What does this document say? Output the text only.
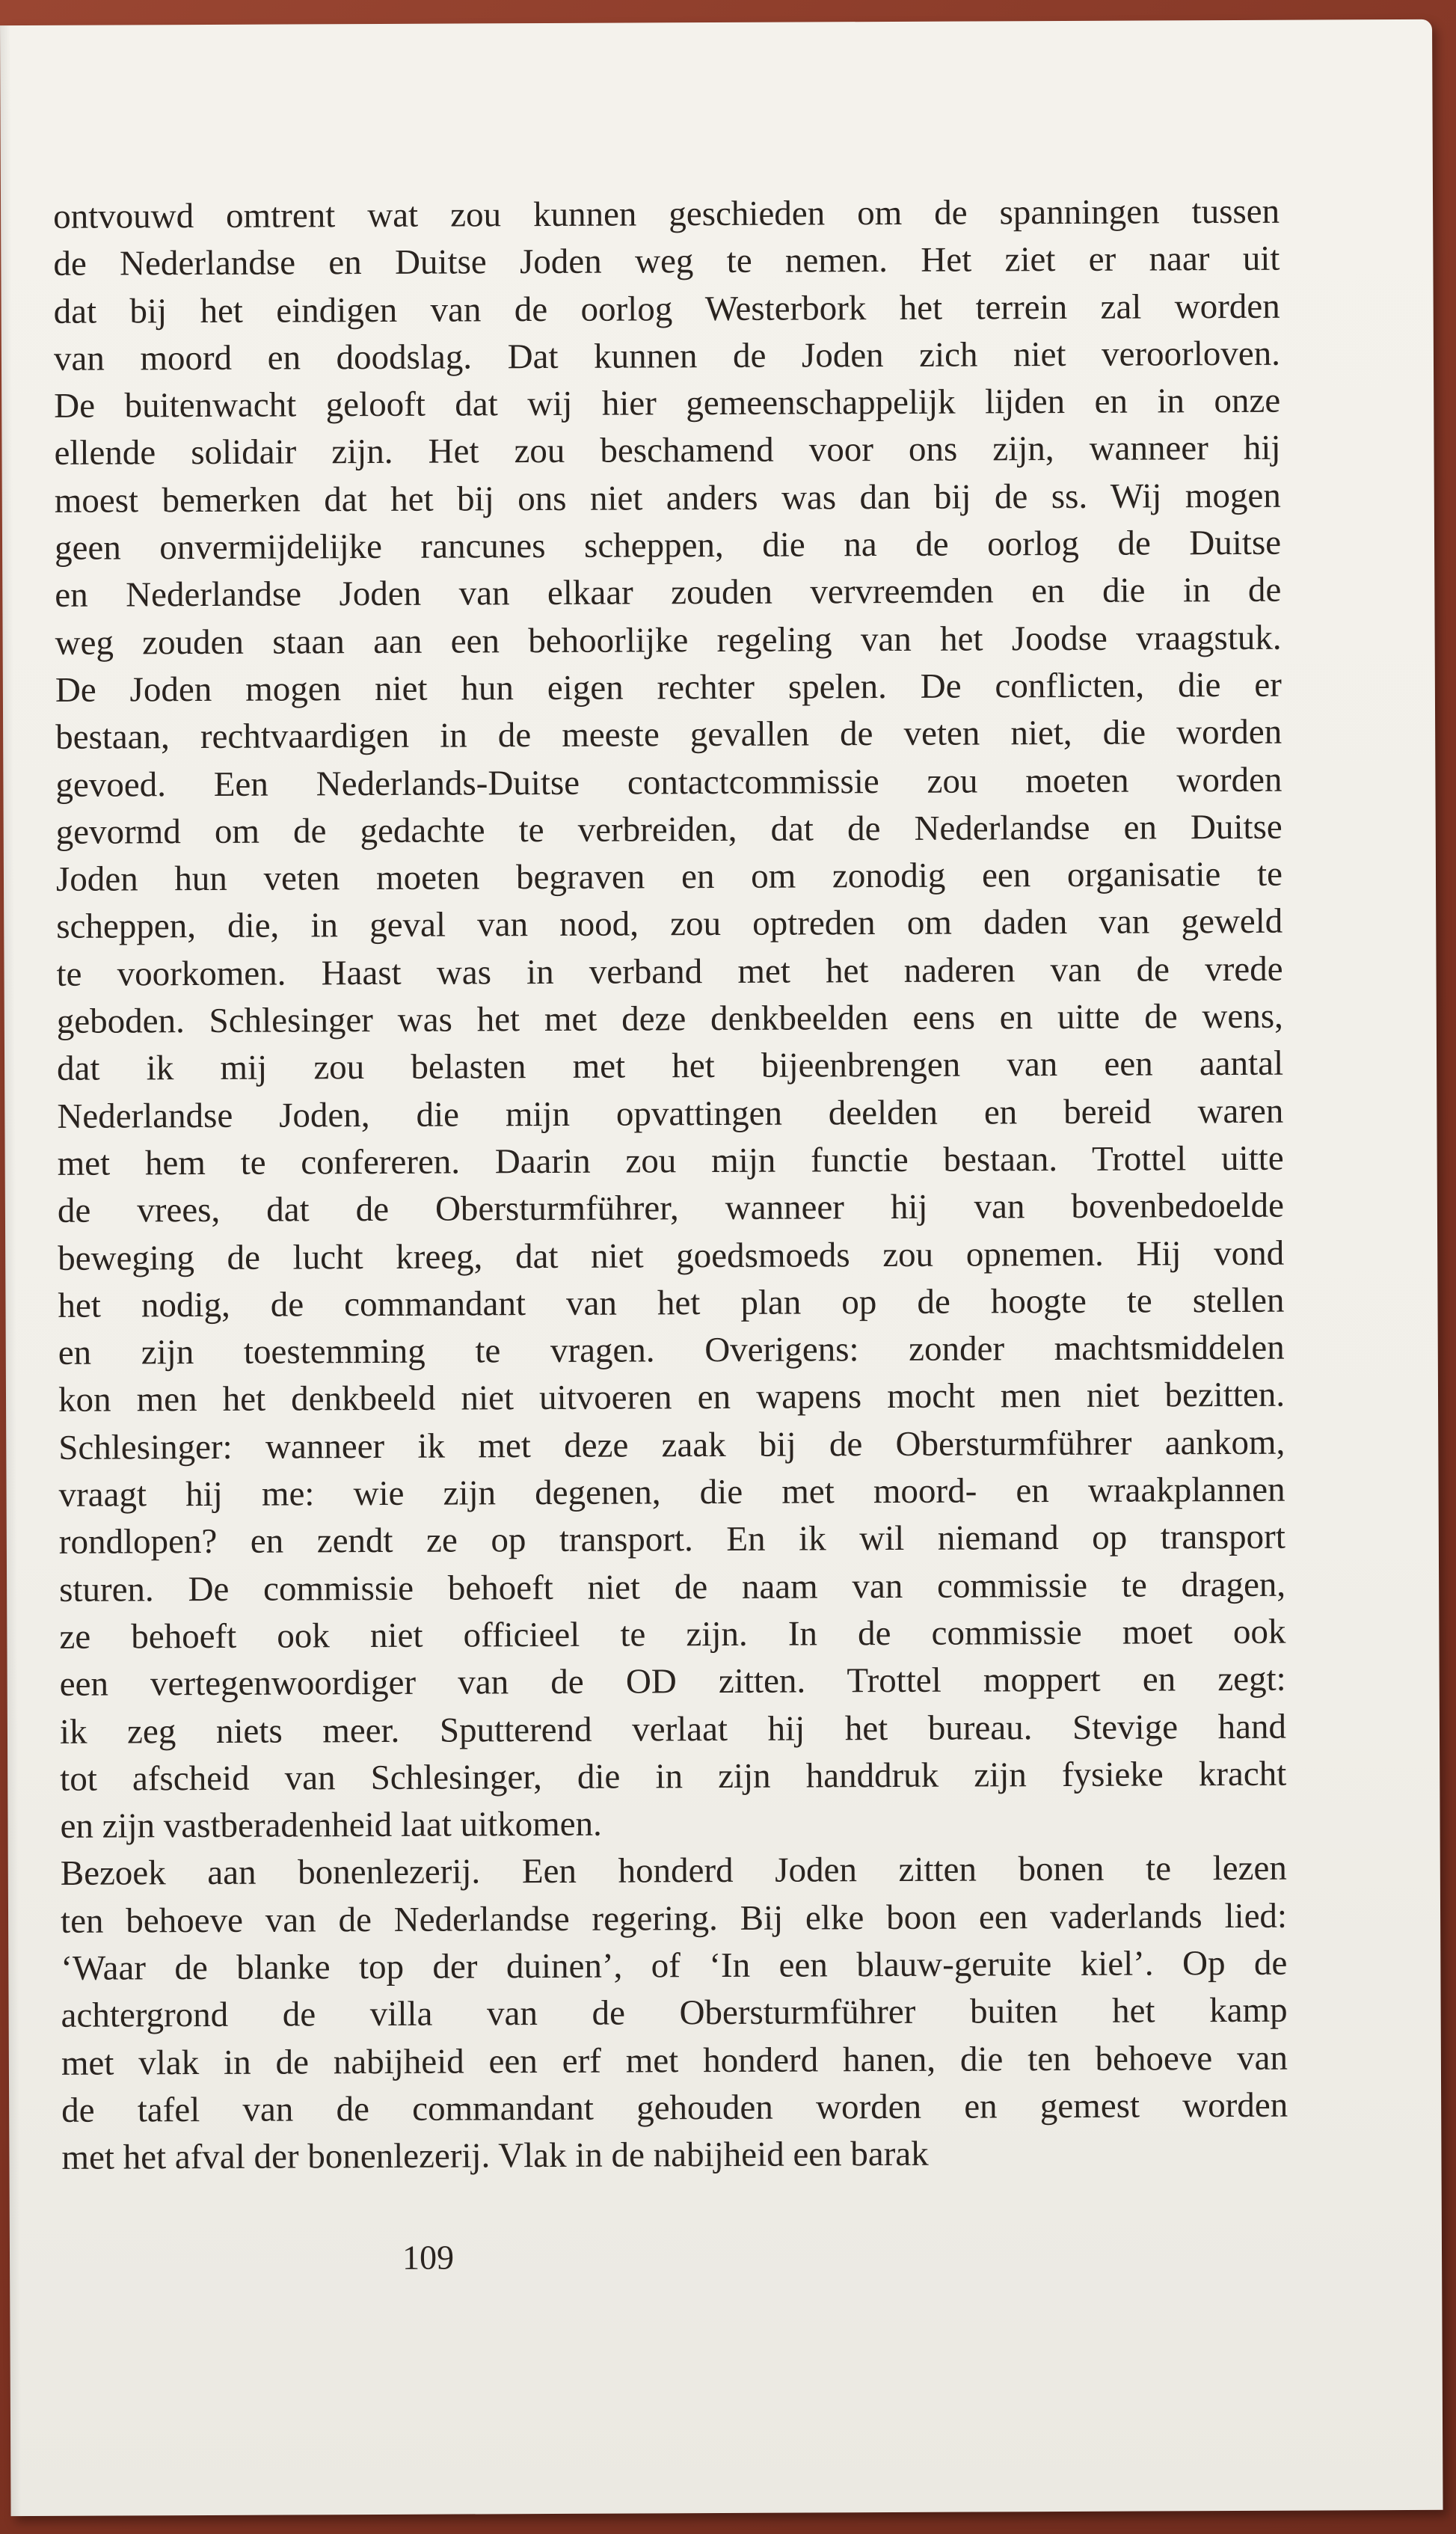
ontvouwd omtrent wat zou kunnen geschieden om de spanningen tussen
de Nederlandse en Duitse Joden weg te nemen. Het ziet er naar uit
dat bij het eindigen van de oorlog Westerbork het terrein zal worden
van moord en doodslag. Dat kunnen de Joden zich niet veroorloven.
De buitenwacht gelooft dat wij hier gemeenschappelijk lijden en in onze
ellende solidair zijn. Het zou beschamend voor ons zijn, wanneer hij
moest bemerken dat het bij ons niet anders was dan bij de ss. Wij mogen
geen onvermijdelijke rancunes scheppen, die na de oorlog de Duitse
en Nederlandse Joden van elkaar zouden vervreemden en die in de
weg zouden staan aan een behoorlijke regeling van het Joodse vraagstuk.
De Joden mogen niet hun eigen rechter spelen. De conflicten, die er
bestaan, rechtvaardigen in de meeste gevallen de veten niet, die worden
gevoed. Een Nederlands-Duitse contactcommissie zou moeten worden
gevormd om de gedachte te verbreiden, dat de Nederlandse en Duitse
Joden hun veten moeten begraven en om zonodig een organisatie te
scheppen, die, in geval van nood, zou optreden om daden van geweld
te voorkomen. Haast was in verband met het naderen van de vrede
geboden. Schlesinger was het met deze denkbeelden eens en uitte de wens,
dat ik mij zou belasten met het bijeenbrengen van een aantal
Nederlandse Joden, die mijn opvattingen deelden en bereid waren
met hem te confereren. Daarin zou mijn functie bestaan. Trottel uitte
de vrees, dat de Obersturmführer, wanneer hij van bovenbedoelde
beweging de lucht kreeg, dat niet goedsmoeds zou opnemen. Hij vond
het nodig, de commandant van het plan op de hoogte te stellen
en zijn toestemming te vragen. Overigens: zonder machtsmiddelen
kon men het denkbeeld niet uitvoeren en wapens mocht men niet bezitten.
Schlesinger: wanneer ik met deze zaak bij de Obersturmführer aankom,
vraagt hij me: wie zijn degenen, die met moord- en wraakplannen
rondlopen? en zendt ze op transport. En ik wil niemand op transport
sturen. De commissie behoeft niet de naam van commissie te dragen,
ze behoeft ook niet officieel te zijn. In de commissie moet ook
een vertegenwoordiger van de OD zitten. Trottel moppert en zegt:
ik zeg niets meer. Sputterend verlaat hij het bureau. Stevige hand
tot afscheid van Schlesinger, die in zijn handdruk zijn fysieke kracht
en zijn vastberadenheid laat uitkomen.
Bezoek aan bonenlezerij. Een honderd Joden zitten bonen te lezen
ten behoeve van de Nederlandse regering. Bij elke boon een vaderlands lied:
‘Waar de blanke top der duinen’, of ‘In een blauw-geruite kiel’. Op de
achtergrond de villa van de Obersturmführer buiten het kamp
met vlak in de nabijheid een erf met honderd hanen, die ten behoeve van
de tafel van de commandant gehouden worden en gemest worden
met het afval der bonenlezerij. Vlak in de nabijheid een barak
109
